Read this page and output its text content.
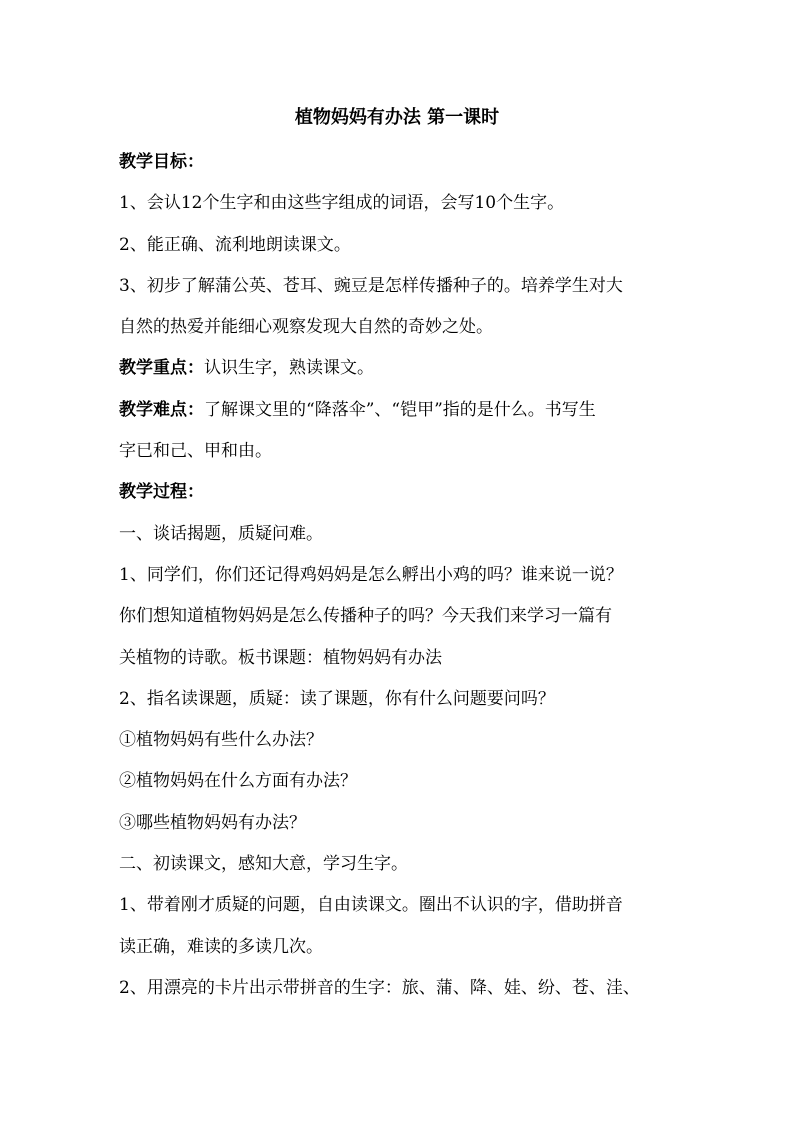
植物妈妈有办法 第一课时
教学目标：
1、会认12个生字和由这些字组成的词语，会写10个生字。
2、能正确、流利地朗读课文。
3、初步了解蒲公英、苍耳、豌豆是怎样传播种子的。培养学生对大
自然的热爱并能细心观察发现大自然的奇妙之处。
教学重点：认识生字，熟读课文。
教学难点：了解课文里的“降落伞”、“铠甲”指的是什么。书写生
字已和己、甲和由。
教学过程：
一、谈话揭题，质疑问难。
1、同学们，你们还记得鸡妈妈是怎么孵出小鸡的吗？谁来说一说？
你们想知道植物妈妈是怎么传播种子的吗？今天我们来学习一篇有
关植物的诗歌。板书课题：植物妈妈有办法
2、指名读课题，质疑：读了课题，你有什么问题要问吗？
①植物妈妈有些什么办法？
②植物妈妈在什么方面有办法？
③哪些植物妈妈有办法？
二、初读课文，感知大意，学习生字。
1、带着刚才质疑的问题，自由读课文。圈出不认识的字，借助拼音
读正确，难读的多读几次。
2、用漂亮的卡片出示带拼音的生字：旅、蒲、降、娃、纷、苍、洼、
